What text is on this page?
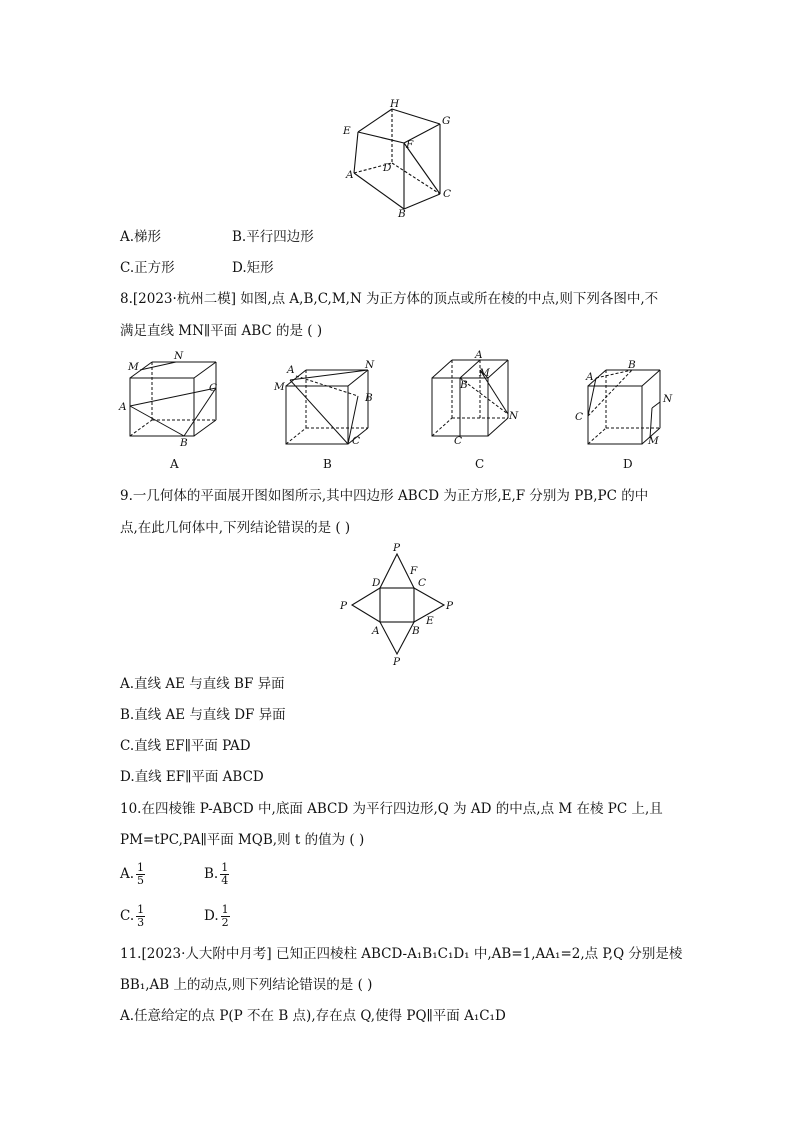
H
E
G
F
D
A
C
B
A.梯形	B.平行四边形
C.正方形	D.矩形
8.[2023·杭州二模] 如图,点 A,B,C,M,N 为正方体的顶点或所在棱的中点,则下列各图中,不
满足直线 MN∥平面 ABC 的是 ( )
M
N
C
A
B
A
A
M
N
B
C
B
A
B
M
N
C
C
A
B
N
C
M
D
9.一几何体的平面展开图如图所示,其中四边形 ABCD 为正方形,E,F 分别为 PB,PC 的中
点,在此几何体中,下列结论错误的是 ( )
P
F
D	C
P	P
A	B
E
P
A.直线 AE 与直线 BF 异面
B.直线 AE 与直线 DF 异面
C.直线 EF∥平面 PAD
D.直线 EF∥平面 ABCD
10.在四棱锥 P-ABCD 中,底面 ABCD 为平行四边形,Q 为 AD 的中点,点 M 在棱 PC 上,且
PM=tPC,PA∥平面 MQB,则 t 的值为 ( )
A. $\frac{1}{5}$	B. $\frac{1}{4}$
C. $\frac{1}{3}$	D. $\frac{1}{2}$
11.[2023·人大附中月考] 已知正四棱柱 ABCD-A₁B₁C₁D₁ 中,AB=1,AA₁=2,点 P,Q 分别是棱
BB₁,AB 上的动点,则下列结论错误的是 ( )
A.任意给定的点 P(P 不在 B 点),存在点 Q,使得 PQ∥平面 A₁C₁D
